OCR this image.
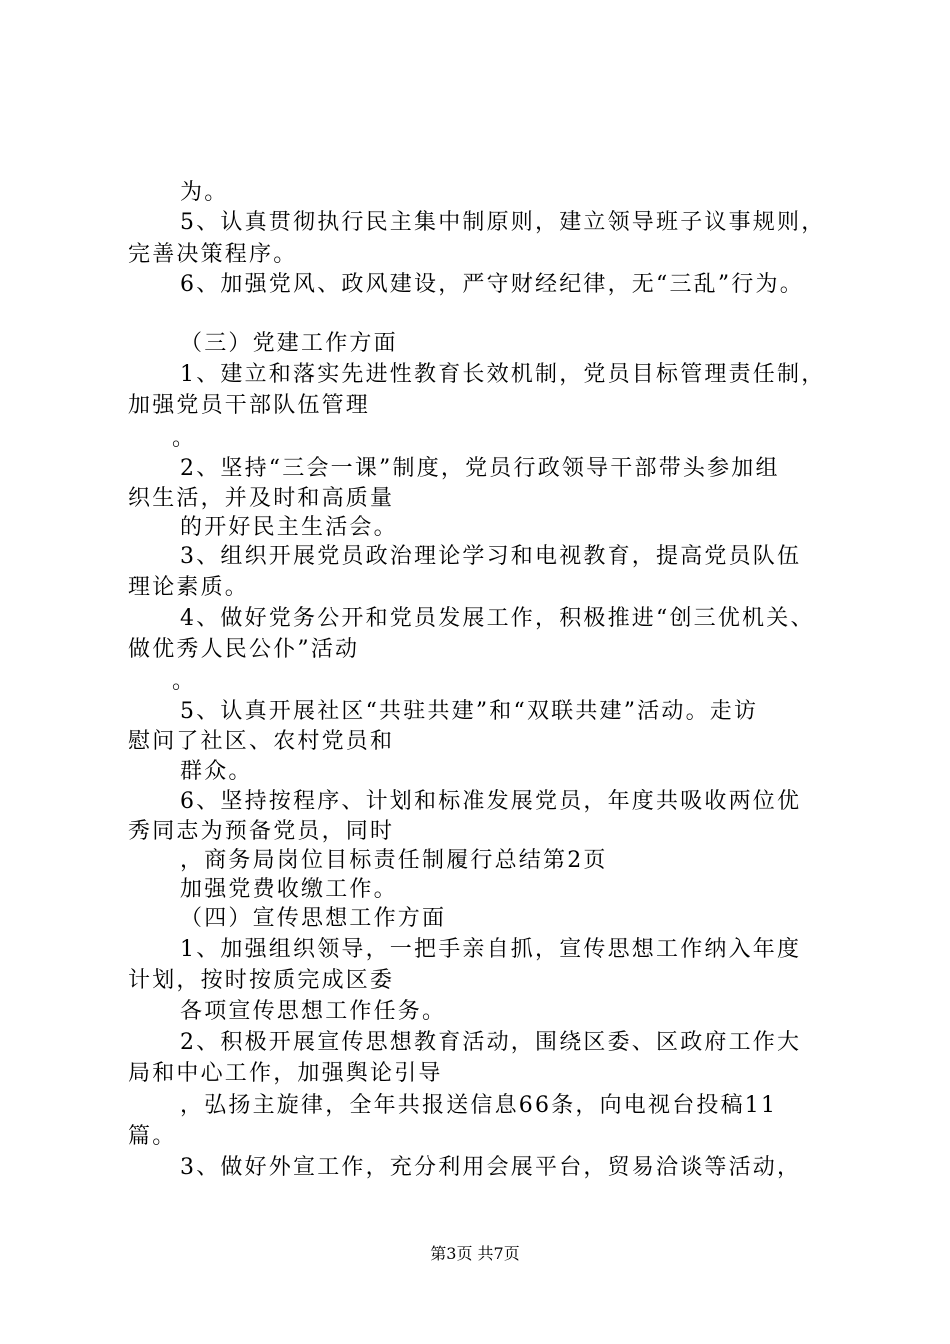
为。
5、认真贯彻执行民主集中制原则，建立领导班子议事规则，
完善决策程序。
6、加强党风、政风建设，严守财经纪律，无“三乱”行为。
（三）党建工作方面
1、建立和落实先进性教育长效机制，党员目标管理责任制，
加强党员干部队伍管理
。
2、坚持“三会一课”制度，党员行政领导干部带头参加组
织生活，并及时和高质量
的开好民主生活会。
3、组织开展党员政治理论学习和电视教育，提高党员队伍
理论素质。
4、做好党务公开和党员发展工作，积极推进“创三优机关、
做优秀人民公仆”活动
。
5、认真开展社区“共驻共建”和“双联共建”活动。走访
慰问了社区、农村党员和
群众。
6、坚持按程序、计划和标准发展党员，年度共吸收两位优
秀同志为预备党员，同时
，商务局岗位目标责任制履行总结第2页
加强党费收缴工作。
（四）宣传思想工作方面
1、加强组织领导，一把手亲自抓，宣传思想工作纳入年度
计划，按时按质完成区委
各项宣传思想工作任务。
2、积极开展宣传思想教育活动，围绕区委、区政府工作大
局和中心工作，加强舆论引导
，弘扬主旋律，全年共报送信息66条，向电视台投稿11
篇。
3、做好外宣工作，充分利用会展平台，贸易洽谈等活动，
第3页 共7页
